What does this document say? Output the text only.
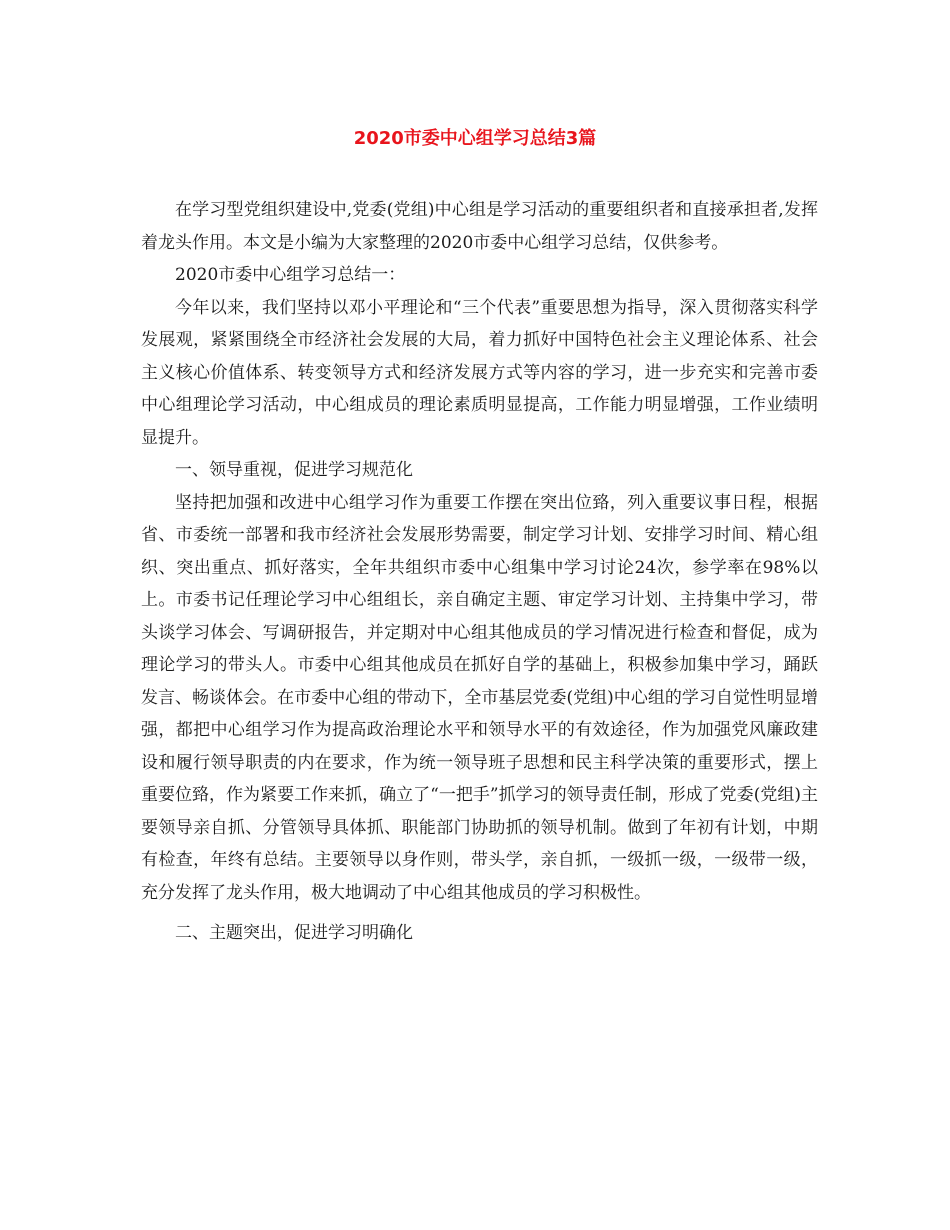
2020市委中心组学习总结3篇

在学习型党组织建设中,党委(党组)中心组是学习活动的重要组织者和直接承担者,发挥着龙头作用。本文是小编为大家整理的2020市委中心组学习总结，仅供参考。

2020市委中心组学习总结一：

今年以来，我们坚持以邓小平理论和“三个代表”重要思想为指导，深入贯彻落实科学发展观，紧紧围绕全市经济社会发展的大局，着力抓好中国特色社会主义理论体系、社会主义核心价值体系、转变领导方式和经济发展方式等内容的学习，进一步充实和完善市委中心组理论学习活动，中心组成员的理论素质明显提高，工作能力明显增强，工作业绩明显提升。

一、领导重视，促进学习规范化

坚持把加强和改进中心组学习作为重要工作摆在突出位臵，列入重要议事日程，根据省、市委统一部署和我市经济社会发展形势需要，制定学习计划、安排学习时间、精心组织、突出重点、抓好落实，全年共组织市委中心组集中学习讨论24次，参学率在98%以上。市委书记任理论学习中心组组长，亲自确定主题、审定学习计划、主持集中学习，带头谈学习体会、写调研报告，并定期对中心组其他成员的学习情况进行检查和督促，成为理论学习的带头人。市委中心组其他成员在抓好自学的基础上，积极参加集中学习，踊跃发言、畅谈体会。在市委中心组的带动下，全市基层党委(党组)中心组的学习自觉性明显增强，都把中心组学习作为提高政治理论水平和领导水平的有效途径，作为加强党风廉政建设和履行领导职责的内在要求，作为统一领导班子思想和民主科学决策的重要形式，摆上重要位臵，作为紧要工作来抓，确立了“一把手”抓学习的领导责任制，形成了党委(党组)主要领导亲自抓、分管领导具体抓、职能部门协助抓的领导机制。做到了年初有计划，中期有检查，年终有总结。主要领导以身作则，带头学，亲自抓，一级抓一级，一级带一级，充分发挥了龙头作用，极大地调动了中心组其他成员的学习积极性。

二、主题突出，促进学习明确化
